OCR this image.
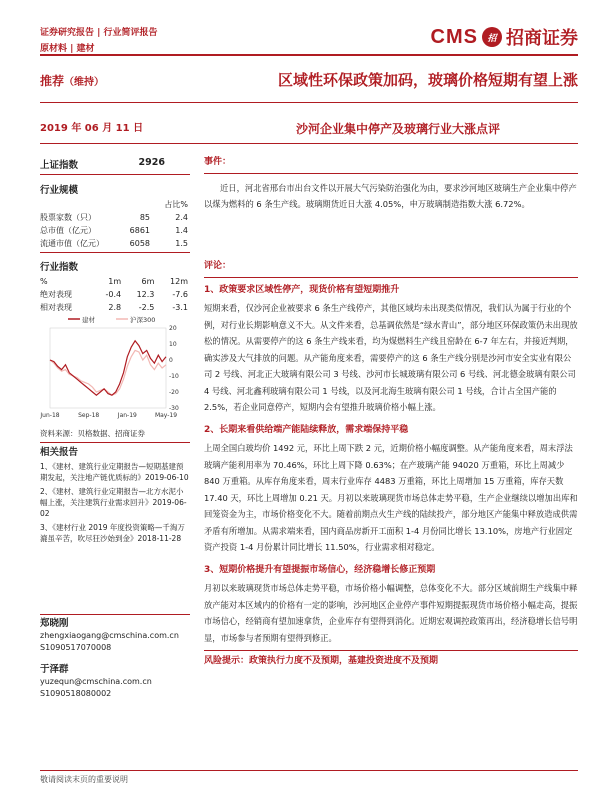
证券研究报告 | 行业简评报告
原材料 | 建材
CMS	招 招商证券
推荐（维持）	区域性环保政策加码，玻璃价格短期有望上涨
2019 年 06 月 11 日	沙河企业集中停产及玻璃行业大涨点评
上证指数	2926
行业规模
		占比%
股票家数（只）	85	2.4
总市值（亿元）	6861	1.4
流通市值（亿元）	6058	1.5
行业指数
%	1m	6m	12m
绝对表现	-0.4	12.3	-7.6
相对表现	2.8	-2.5	-3.1
建材	沪深300
Jun-18	Sep-18	Jan-19	May-19
20
10
0
-10
-20
-30
资料来源：贝格数据、招商证券
相关报告
1、《建材、建筑行业定期报告—短期基建预期发起，关注地产链优质标的》2019-06-10
2、《建材、建筑行业定期报告—北方水泥小幅上涨，关注建筑行业需求回升》2019-06-02
3、《建材行业 2019 年度投资策略—千淘万漉虽辛苦，吹尽狂沙始到金》2018-11-28
郑晓刚
zhengxiaogang@cmschina.com.cn
S1090517070008
于泽群
yuzequn@cmschina.com.cn
S1090518080002
事件：

近日，河北省邢台市出台文件以开展大气污染防治强化为由，要求沙河地区玻璃生产企业集中停产以煤为燃料的 6 条生产线。玻璃期货近日大涨 4.05%，申万玻璃制造指数大涨 6.72%。

评论：
1、政策要求区域性停产，现货价格有望短期推升

短期来看，仅沙河企业被要求 6 条生产线停产，其他区域均未出现类似情况，我们认为属于行业的个例，对行业长期影响意义不大。从文件来看，总基调依然是“绿水青山”，部分地区环保政策仍未出现放松的情况。从需要停产的这 6 条生产线来看，均为煤燃料生产线且窑龄在 6-7 年左右，并接近判期，确实涉及大气排放的问题。从产能角度来看，需要停产的这 6 条生产线分别是沙河市安全实业有限公司 2 号线、河北正大玻璃有限公司 3 号线、沙河市长城玻璃有限公司 6 号线、河北德金玻璃有限公司 4 号线、河北鑫利玻璃有限公司 1 号线，以及河北海生玻璃有限公司 1 号线，合计占全国产能的 2.5%，若企业同意停产，短期内会有望推升玻璃价格小幅上涨。

2、长期来看供给端产能陆续释放，需求端保持平稳

上周全国白玻均价 1492 元，环比上周下跌 2 元，近期价格小幅度调整。从产能角度来看，周末浮法玻璃产能利用率为 70.46%，环比上周下降 0.63%；在产玻璃产能 94020 万重箱，环比上周减少 840 万重箱。从库存角度来看，周末行业库存 4483 万重箱，环比上周增加 15 万重箱，库存天数 17.40 天，环比上周增加 0.21 天。月初以来玻璃现货市场总体走势平稳，生产企业继续以增加出库和回笼资金为主，市场价格变化不大。随着前期点火生产线的陆续投产，部分地区产能集中释放造成供需矛盾有所增加。从需求端来看，国内商品房新开工面积 1-4 月份同比增长 13.10%，房地产行业固定资产投资 1-4 月份累计同比增长 11.50%，行业需求相对稳定。

3、短期价格提升有望提振市场信心，经济稳增长修正预期

月初以来玻璃现货市场总体走势平稳，市场价格小幅调整，总体变化不大。部分区域前期生产线集中释放产能对本区域内的价格有一定的影响，沙河地区企业停产事件短期提振现货市场价格小幅走高，提振市场信心，经销商有望加速拿货，企业库存有望得到消化。近期宏观调控政策再出，经济稳增长信号明显，市场参与者预期有望得到修正。

风险提示：政策执行力度不及预期，基建投资进度不及预期
敬请阅读末页的重要说明
